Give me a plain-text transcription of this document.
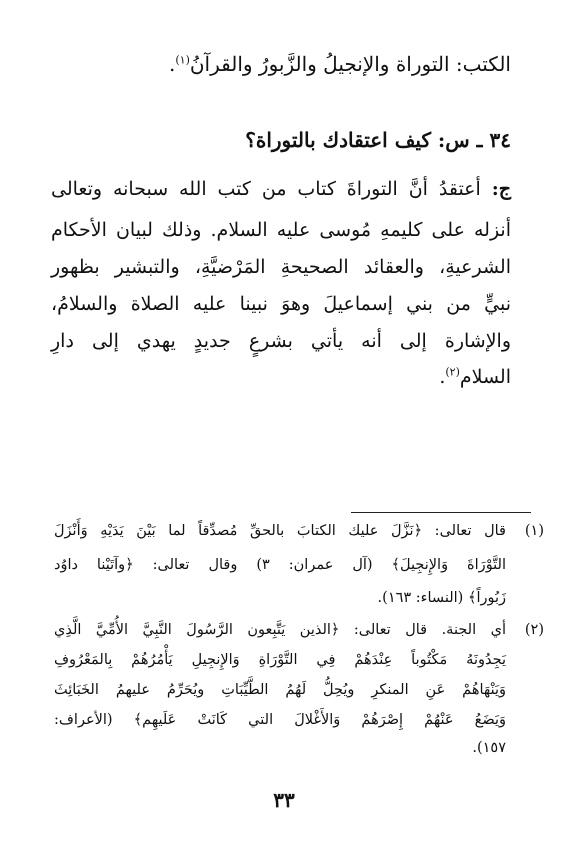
الكتب: التوراة والإنجيلُ والزَّبورُ والقرآنُ$^{(١)}$.
٣٤ ـ س: كيف اعتقادك بالتوراة؟
ج: أعتقدُ أنَّ التوراةَ كتاب من كتب الله سبحانه وتعالى
أنزله على كليمهِ مُوسى عليه السلام. وذلك لبيان الأحكام
الشرعيةِ، والعقائد الصحيحةِ المَرْضيَّةِ، والتبشير بظهور
نبيٍّ من بني إسماعيلَ وهوَ نبينا عليه الصلاة والسلامُ،
والإشارة إلى أنه يأتي بشرعٍ جديدٍ يهدي إلى دارِ
السلام$^{(٢)}$.
(١)
قال تعالى: ﴿نَزَّلَ عليك الكتابَ بالحقِّ مُصدِّقاً لما بَيْنَ يَدَيْهِ وَأَنْزَلَ
التَّوْرَاةَ وَالإِنجِيلَ﴾ (آل عمران: ٣) وقال تعالى: ﴿وآتَيْنا داوُد
زَبُوراً﴾ (النساء: ١٦٣).
(٢)
أي الجنة. قال تعالى: ﴿الذين يَتَّبِعون الرَّسُولَ النَّبِيَّ الأُمِّيَّ الَّذِي
يَجِدُونَهُ مَكْتُوباً عِنْدَهُمْ فِي التَّوْرَاةِ وَالإِنجِيلِ يَأْمُرُهُمْ بِالمَعْرُوفِ
وَيَنْهَاهُمْ عَنِ المنكرِ ويُحِلُّ لَهُمُ الطَّيِّبَاتِ ويُحَرِّمُ عليهمُ الخَبَائِثَ
وَيَضَعُ عَنْهُمْ إِصْرَهُمْ وَالأَغْلالَ التي كَانَتْ عَلَيهِم﴾ (الأعراف:
١٥٧).
٣٣
